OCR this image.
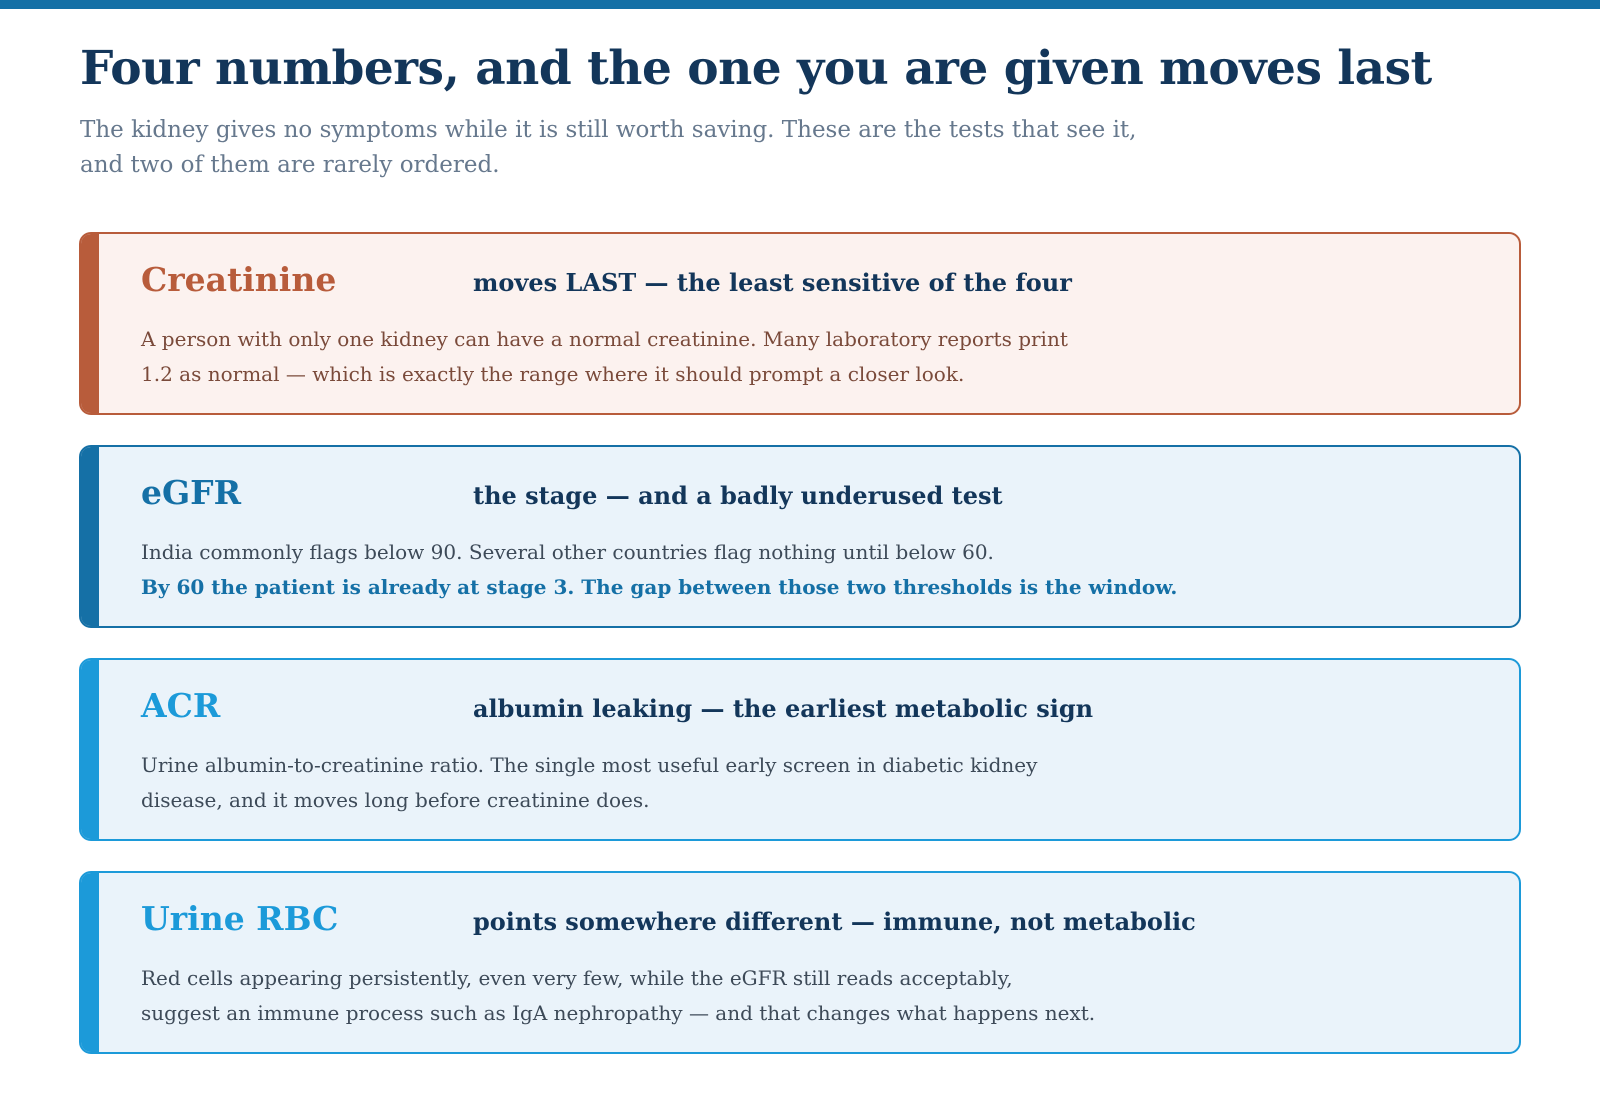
Four numbers, and the one you are given moves last

The kidney gives no symptoms while it is still worth saving. These are the tests that see it,
and two of them are rarely ordered.

Creatinine	moves LAST — the least sensitive of the four
A person with only one kidney can have a normal creatinine. Many laboratory reports print
1.2 as normal — which is exactly the range where it should prompt a closer look.
eGFR	the stage — and a badly underused test
India commonly flags below 90. Several other countries flag nothing until below 60.
By 60 the patient is already at stage 3. The gap between those two thresholds is the window.
ACR	albumin leaking — the earliest metabolic sign
Urine albumin-to-creatinine ratio. The single most useful early screen in diabetic kidney
disease, and it moves long before creatinine does.
Urine RBC	points somewhere different — immune, not metabolic
Red cells appearing persistently, even very few, while the eGFR still reads acceptably,
suggest an immune process such as IgA nephropathy — and that changes what happens next.
